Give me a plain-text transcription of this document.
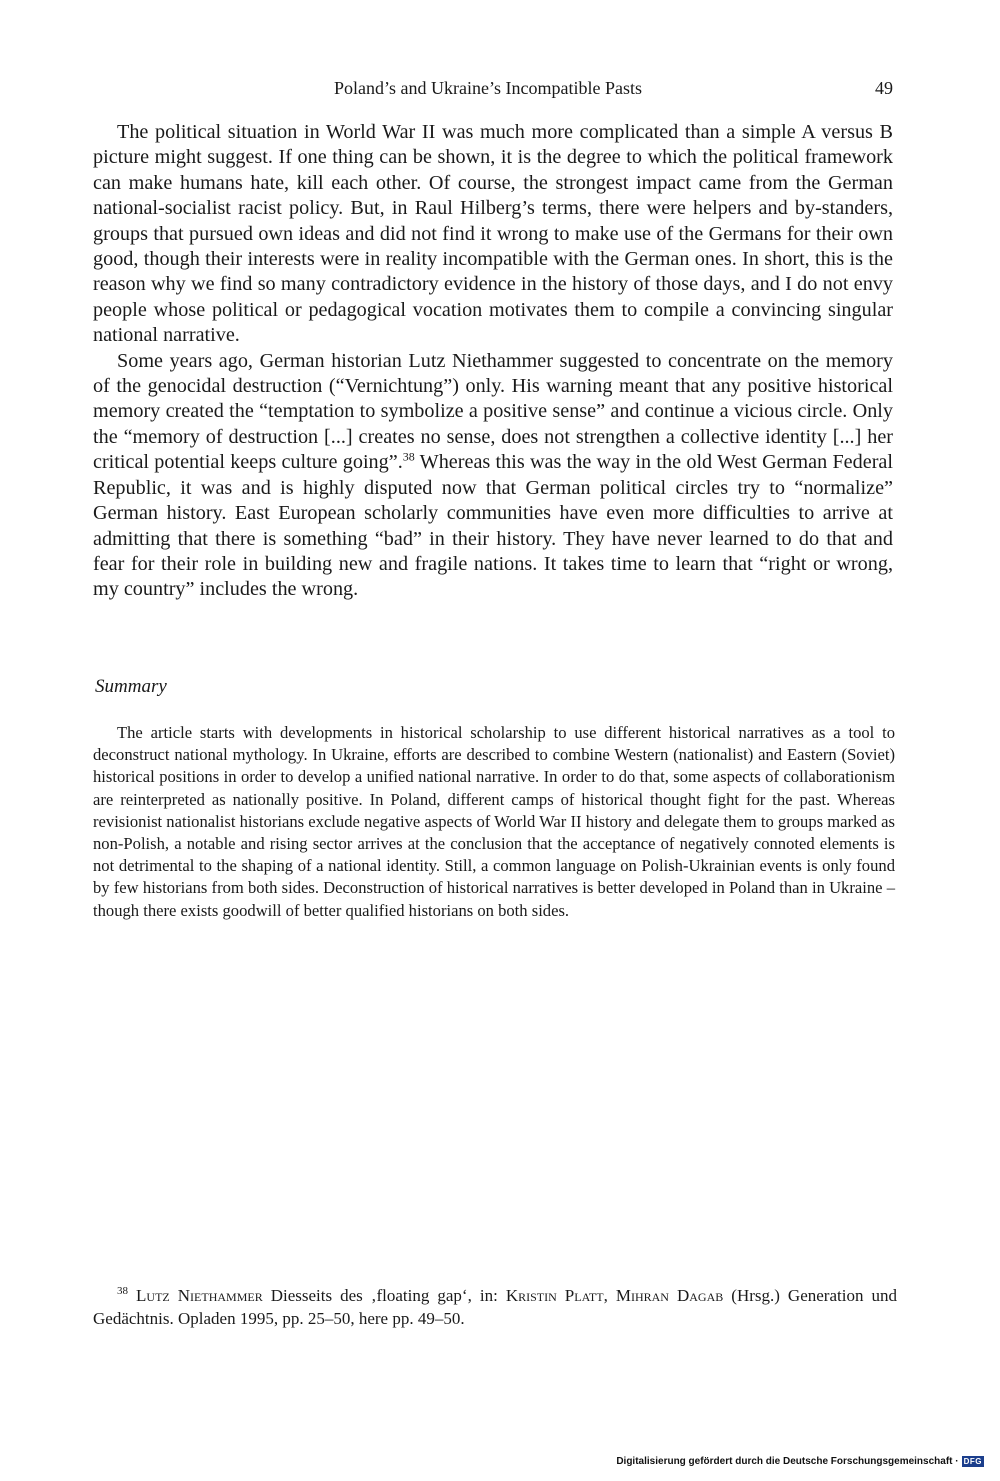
Poland’s and Ukraine’s Incompatible Pasts	49

The political situation in World War II was much more complicated than a simple A versus B picture might suggest. If one thing can be shown, it is the degree to which the political framework can make humans hate, kill each other. Of course, the strongest impact came from the German national-socialist racist policy. But, in Raul Hilberg’s terms, there were helpers and by-standers, groups that pursued own ideas and did not find it wrong to make use of the Germans for their own good, though their interests were in reality incompatible with the German ones. In short, this is the reason why we find so many contradictory evidence in the history of those days, and I do not envy people whose political or pedagogical vocation motivates them to compile a convincing singular national narrative.

Some years ago, German historian Lutz Niethammer suggested to concentrate on the memory of the genocidal destruction (“Vernichtung”) only. His warning meant that any positive historical memory created the “temptation to symbolize a positive sense” and continue a vicious circle. Only the “memory of destruction [...] creates no sense, does not strengthen a collective identity [...] her critical potential keeps culture going”.$^{38}$ Whereas this was the way in the old West German Federal Republic, it was and is highly disputed now that German political circles try to “normalize” German history. East European scholarly communities have even more difficulties to arrive at admitting that there is something “bad” in their history. They have never learned to do that and fear for their role in building new and fragile nations. It takes time to learn that “right or wrong, my country” includes the wrong.

Summary

The article starts with developments in historical scholarship to use different historical narratives as a tool to deconstruct national mythology. In Ukraine, efforts are described to combine Western (nationalist) and Eastern (Soviet) historical positions in order to develop a unified national narrative. In order to do that, some aspects of collaborationism are reinterpreted as nationally positive. In Poland, different camps of historical thought fight for the past. Whereas revisionist nationalist historians exclude negative aspects of World War II history and delegate them to groups marked as non-Polish, a notable and rising sector arrives at the conclusion that the acceptance of negatively connoted elements is not detrimental to the shaping of a national identity. Still, a common language on Polish-Ukrainian events is only found by few historians from both sides. Deconstruction of historical narratives is better developed in Poland than in Ukraine – though there exists goodwill of better qualified historians on both sides.

$^{38}$ Lutz Niethammer Diesseits des ‚floating gap‘, in: Kristin Platt, Mihran Dagab (Hrsg.) Generation und Gedächtnis. Opladen 1995, pp. 25–50, here pp. 49–50.
Digitalisierung gefördert durch die Deutsche Forschungsgemeinschaft · DFG
